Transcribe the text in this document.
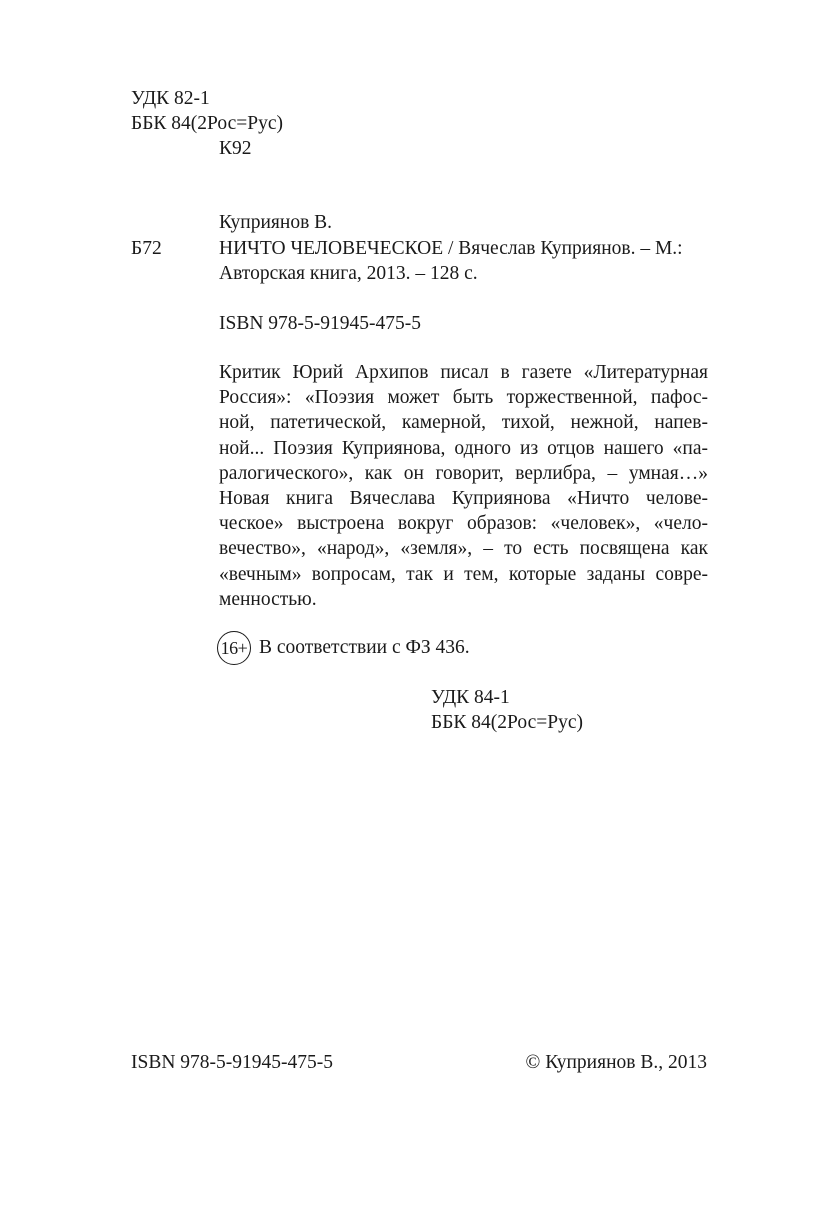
УДК 82-1
ББК 84(2Рос=Рус)
К92
Куприянов В.
Б72	НИЧТО ЧЕЛОВЕЧЕСКОЕ / Вячеслав Куприянов. – М.:
Авторская книга, 2013. – 128 с.
ISBN 978-5-91945-475-5
Критик Юрий Архипов писал в газете «Литературная
Россия»: «Поэзия может быть торжественной, пафос-
ной, патетической, камерной, тихой, нежной, напев-
ной... Поэзия Куприянова, одного из отцов нашего «па-
ралогического», как он говорит, верлибра, – умная…»
Новая книга Вячеслава Куприянова «Ничто челове-
ческое» выстроена вокруг образов: «человек», «чело-
вечество», «народ», «земля», – то есть посвящена как
«вечным» вопросам, так и тем, которые заданы совре-
менностью.
16+ В соответствии с ФЗ 436.
УДК 84-1
ББК 84(2Рос=Рус)
ISBN 978-5-91945-475-5	© Куприянов В., 2013
